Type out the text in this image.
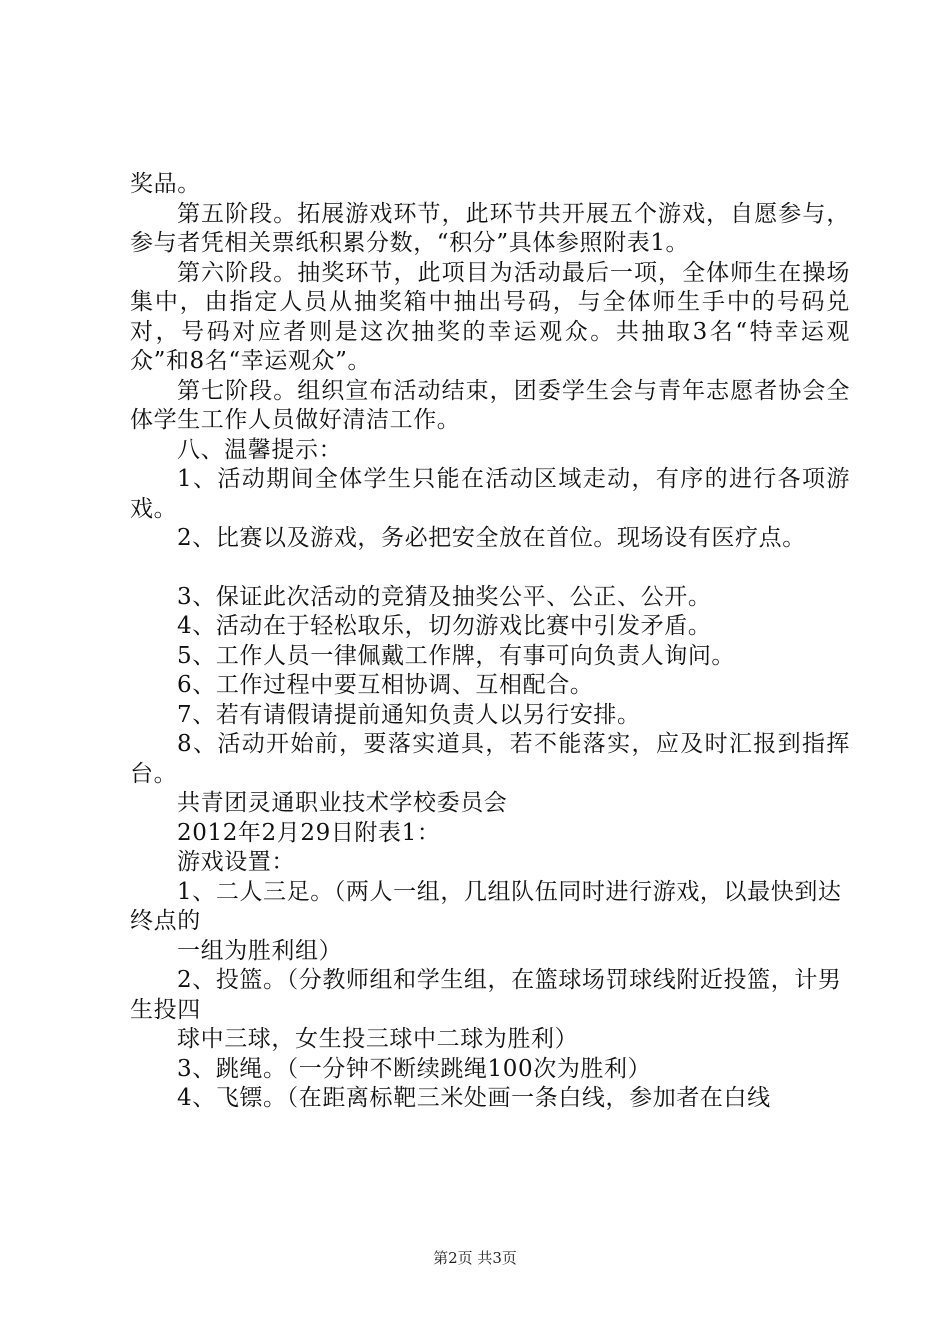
奖品。

第五阶段。拓展游戏环节，此环节共开展五个游戏，自愿参与，参与者凭相关票纸积累分数，“积分”具体参照附表1。

第六阶段。抽奖环节，此项目为活动最后一项，全体师生在操场集中，由指定人员从抽奖箱中抽出号码，与全体师生手中的号码兑对，号码对应者则是这次抽奖的幸运观众。共抽取3名“特幸运观众”和8名“幸运观众”。

第七阶段。组织宣布活动结束，团委学生会与青年志愿者协会全体学生工作人员做好清洁工作。

八、温馨提示：

1、活动期间全体学生只能在活动区域走动，有序的进行各项游戏。

2、比赛以及游戏，务必把安全放在首位。现场设有医疗点。

3、保证此次活动的竞猜及抽奖公平、公正、公开。

4、活动在于轻松取乐，切勿游戏比赛中引发矛盾。

5、工作人员一律佩戴工作牌，有事可向负责人询问。

6、工作过程中要互相协调、互相配合。

7、若有请假请提前通知负责人以另行安排。

8、活动开始前，要落实道具，若不能落实，应及时汇报到指挥台。

共青团灵通职业技术学校委员会

2012年2月29日附表1：

游戏设置：

1、二人三足。（两人一组，几组队伍同时进行游戏，以最快到达终点的

一组为胜利组）

2、投篮。（分教师组和学生组，在篮球场罚球线附近投篮，计男生投四

球中三球，女生投三球中二球为胜利）

3、跳绳。（一分钟不断续跳绳100次为胜利）

4、飞镖。（在距离标靶三米处画一条白线，参加者在白线

第2页 共3页
